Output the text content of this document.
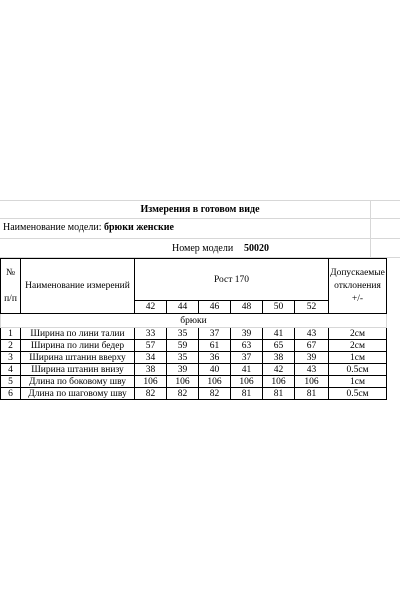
Измерения в готовом виде
Наименование модели: брюки женские
Номер модели 50020
№

п/п	Наименование измерений	Рост 170						Допускаемые отклонения +/-
		42	44	46	48	50	52	
брюки								
1	Ширина по лини талии	33	35	37	39	41	43	2см
2	Ширина по лини бедер	57	59	61	63	65	67	2см
3	Ширина штанин вверху	34	35	36	37	38	39	1см
4	Ширина штанин внизу	38	39	40	41	42	43	0.5см
5	Длина по боковому шву	106	106	106	106	106	106	1см
6	Длина по шаговому шву	82	82	82	81	81	81	0.5см
